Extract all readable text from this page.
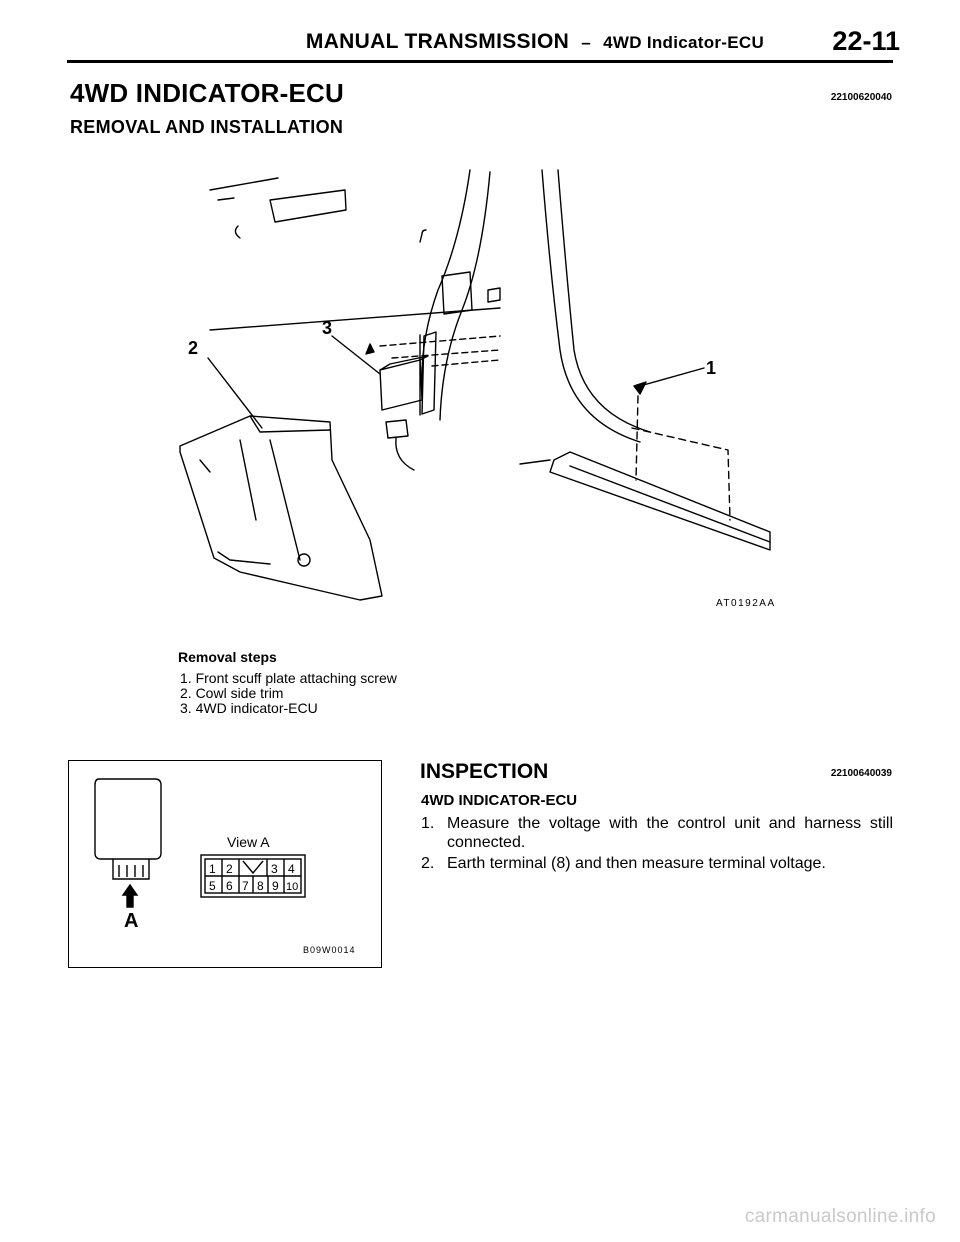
MANUAL TRANSMISSION – 4WD Indicator-ECU	22-11
4WD INDICATOR-ECU	22100620040
REMOVAL AND INSTALLATION
2
3
1
AT0192AA
Removal steps
1. Front scuff plate attaching screw
2. Cowl side trim
3. 4WD indicator-ECU
A
View A
1 2	3 4
5 6 7 8 9 10
B09W0014
INSPECTION	22100640039
4WD INDICATOR-ECU
1. Measure the voltage with the control unit and harness still connected.
2. Earth terminal (8) and then measure terminal voltage.
carmanualsonline.info
